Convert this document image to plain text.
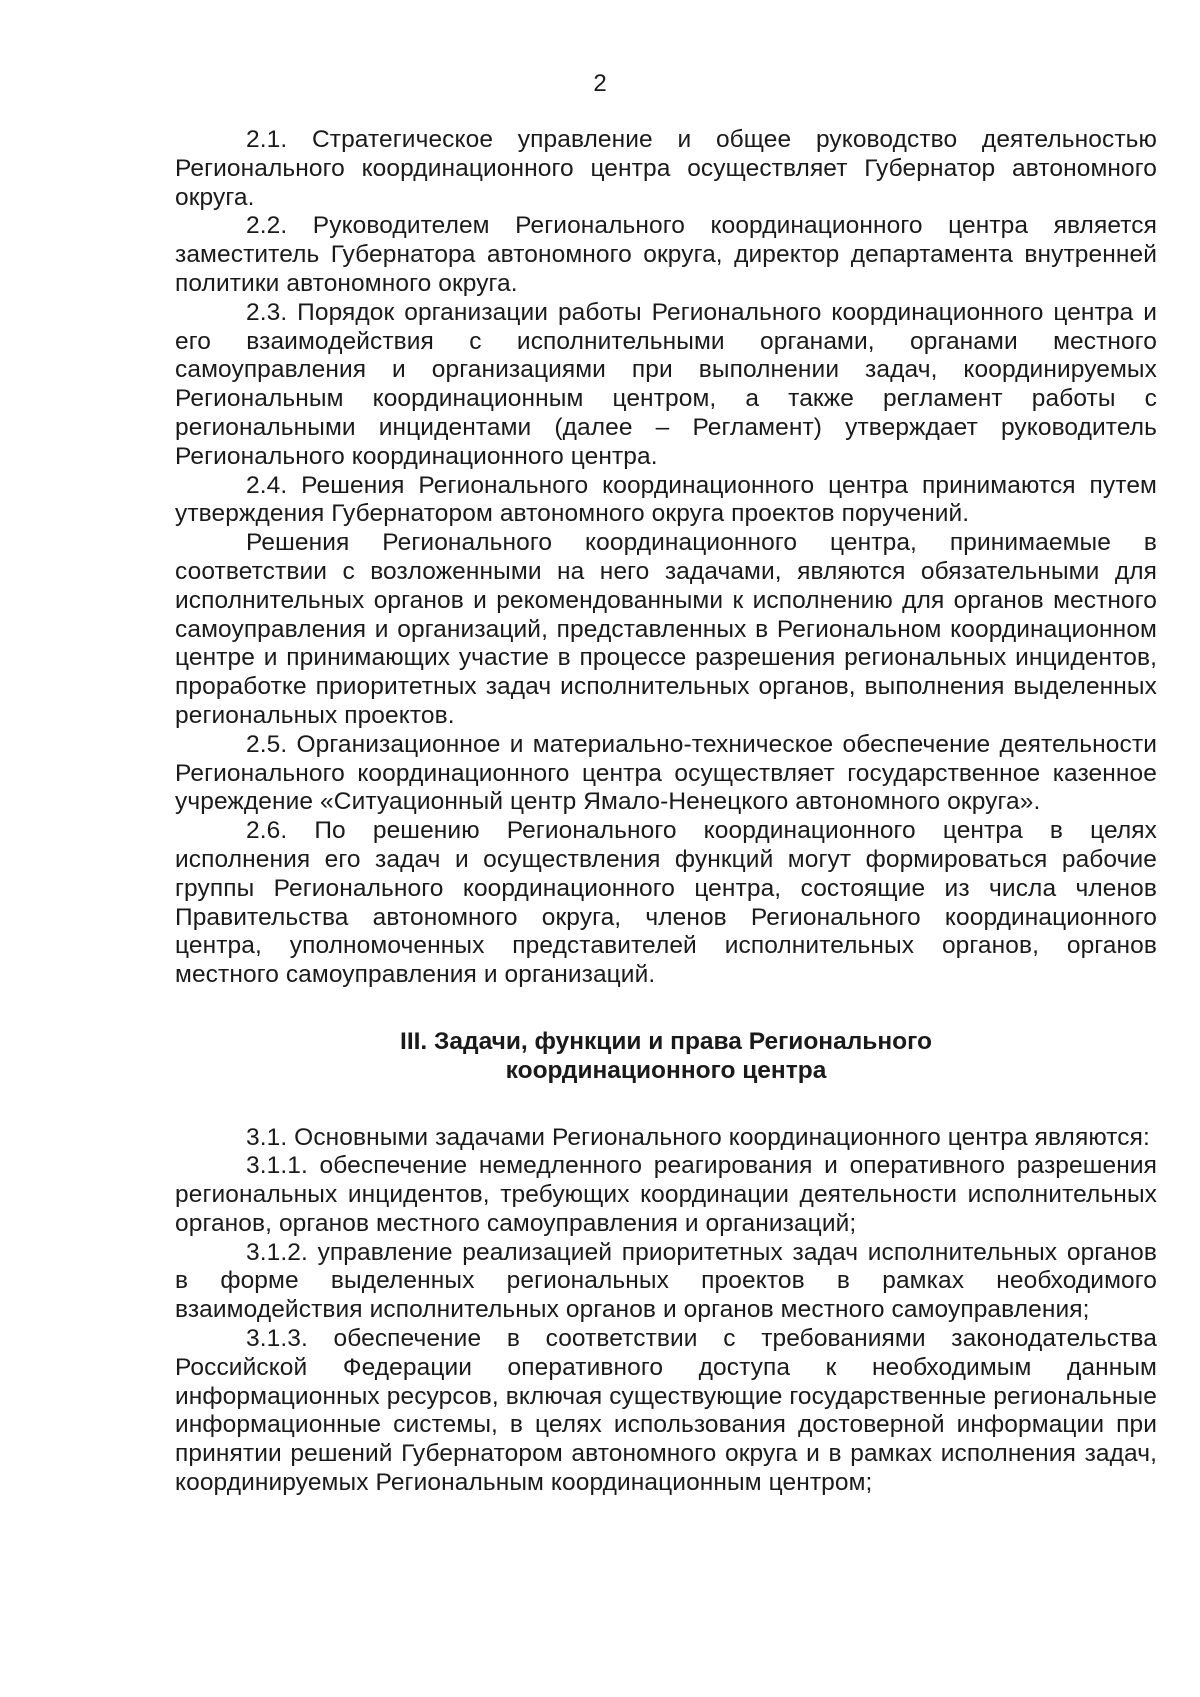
2

2.1. Стратегическое управление и общее руководство деятельностью Регионального координационного центра осуществляет Губернатор автономного округа.

2.2. Руководителем Регионального координационного центра является заместитель Губернатора автономного округа, директор департамента внутренней политики автономного округа.

2.3. Порядок организации работы Регионального координационного центра и его взаимодействия с исполнительными органами, органами местного самоуправления и организациями при выполнении задач, координируемых Региональным координационным центром, а также регламент работы с региональными инцидентами (далее – Регламент) утверждает руководитель Регионального координационного центра.

2.4. Решения Регионального координационного центра принимаются путем утверждения Губернатором автономного округа проектов поручений.

Решения Регионального координационного центра, принимаемые в соответствии с возложенными на него задачами, являются обязательными для исполнительных органов и рекомендованными к исполнению для органов местного самоуправления и организаций, представленных в Региональном координационном центре и принимающих участие в процессе разрешения региональных инцидентов, проработке приоритетных задач исполнительных органов, выполнения выделенных региональных проектов.

2.5. Организационное и материально-техническое обеспечение деятельности Регионального координационного центра осуществляет государственное казенное учреждение «Ситуационный центр Ямало-Ненецкого автономного округа».

2.6. По решению Регионального координационного центра в целях исполнения его задач и осуществления функций могут формироваться рабочие группы Регионального координационного центра, состоящие из числа членов Правительства автономного округа, членов Регионального координационного центра, уполномоченных представителей исполнительных органов, органов местного самоуправления и организаций.

III. Задачи, функции и права Регионального
координационного центра

3.1. Основными задачами Регионального координационного центра являются:

3.1.1. обеспечение немедленного реагирования и оперативного разрешения региональных инцидентов, требующих координации деятельности исполнительных органов, органов местного самоуправления и организаций;

3.1.2. управление реализацией приоритетных задач исполнительных органов в форме выделенных региональных проектов в рамках необходимого взаимодействия исполнительных органов и органов местного самоуправления;

3.1.3. обеспечение в соответствии с требованиями законодательства Российской Федерации оперативного доступа к необходимым данным информационных ресурсов, включая существующие государственные региональные информационные системы, в целях использования достоверной информации при принятии решений Губернатором автономного округа и в рамках исполнения задач, координируемых Региональным координационным центром;
